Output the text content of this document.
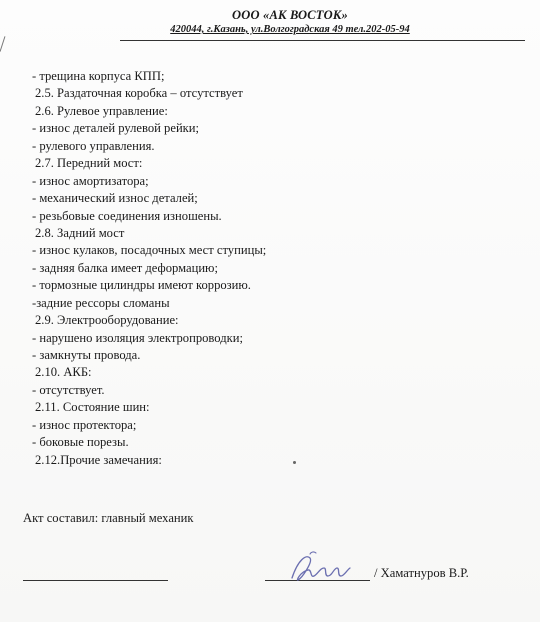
ООО «АК ВОСТОК»
420044, г.Казань, ул.Волгоградская 49 тел.202-05-94
- трещина корпуса КПП;
2.5. Раздаточная коробка – отсутствует
2.6. Рулевое управление:
- износ деталей рулевой рейки;
- рулевого управления.
2.7. Передний мост:
- износ амортизатора;
- механический износ деталей;
- резьбовые соединения изношены.
2.8. Задний мост
- износ кулаков, посадочных мест ступицы;
- задняя балка имеет деформацию;
- тормозные цилиндры имеют коррозию.
-задние рессоры сломаны
2.9. Электрооборудование:
- нарушено изоляция электропроводки;
- замкнуты провода.
2.10. АКБ:
- отсутствует.
2.11. Состояние шин:
- износ протектора;
- боковые порезы.
2.12.Прочие замечания:
Акт составил: главный механик
/ Хаматнуров В.Р.
